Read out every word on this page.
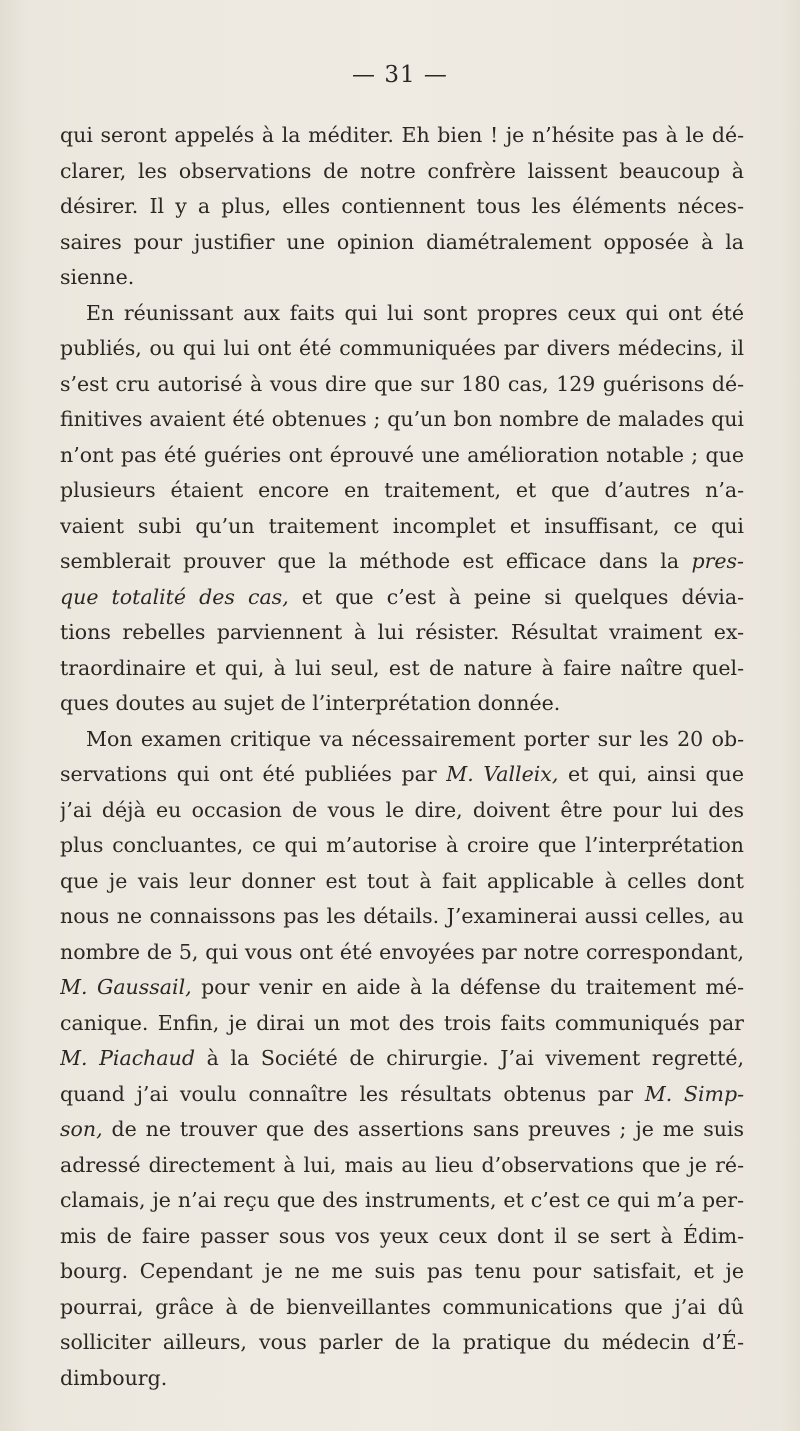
— 31 —
qui seront appelés à la méditer. Eh bien ! je n’hésite pas à le dé-
clarer, les observations de notre confrère laissent beaucoup à
désirer. Il y a plus, elles contiennent tous les éléments néces-
saires pour justifier une opinion diamétralement opposée à la
sienne.
En réunissant aux faits qui lui sont propres ceux qui ont été
publiés, ou qui lui ont été communiquées par divers médecins, il
s’est cru autorisé à vous dire que sur 180 cas, 129 guérisons dé-
finitives avaient été obtenues ; qu’un bon nombre de malades qui
n’ont pas été guéries ont éprouvé une amélioration notable ; que
plusieurs étaient encore en traitement, et que d’autres n’a-
vaient subi qu’un traitement incomplet et insuffisant, ce qui
semblerait prouver que la méthode est efficace dans la pres-
que totalité des cas, et que c’est à peine si quelques dévia-
tions rebelles parviennent à lui résister. Résultat vraiment ex-
traordinaire et qui, à lui seul, est de nature à faire naître quel-
ques doutes au sujet de l’interprétation donnée.
Mon examen critique va nécessairement porter sur les 20 ob-
servations qui ont été publiées par M. Valleix, et qui, ainsi que
j’ai déjà eu occasion de vous le dire, doivent être pour lui des
plus concluantes, ce qui m’autorise à croire que l’interprétation
que je vais leur donner est tout à fait applicable à celles dont
nous ne connaissons pas les détails. J’examinerai aussi celles, au
nombre de 5, qui vous ont été envoyées par notre correspondant,
M. Gaussail, pour venir en aide à la défense du traitement mé-
canique. Enfin, je dirai un mot des trois faits communiqués par
M. Piachaud à la Société de chirurgie. J’ai vivement regretté,
quand j’ai voulu connaître les résultats obtenus par M. Simp-
son, de ne trouver que des assertions sans preuves ; je me suis
adressé directement à lui, mais au lieu d’observations que je ré-
clamais, je n’ai reçu que des instruments, et c’est ce qui m’a per-
mis de faire passer sous vos yeux ceux dont il se sert à Édim-
bourg. Cependant je ne me suis pas tenu pour satisfait, et je
pourrai, grâce à de bienveillantes communications que j’ai dû
solliciter ailleurs, vous parler de la pratique du médecin d’É-
dimbourg.
